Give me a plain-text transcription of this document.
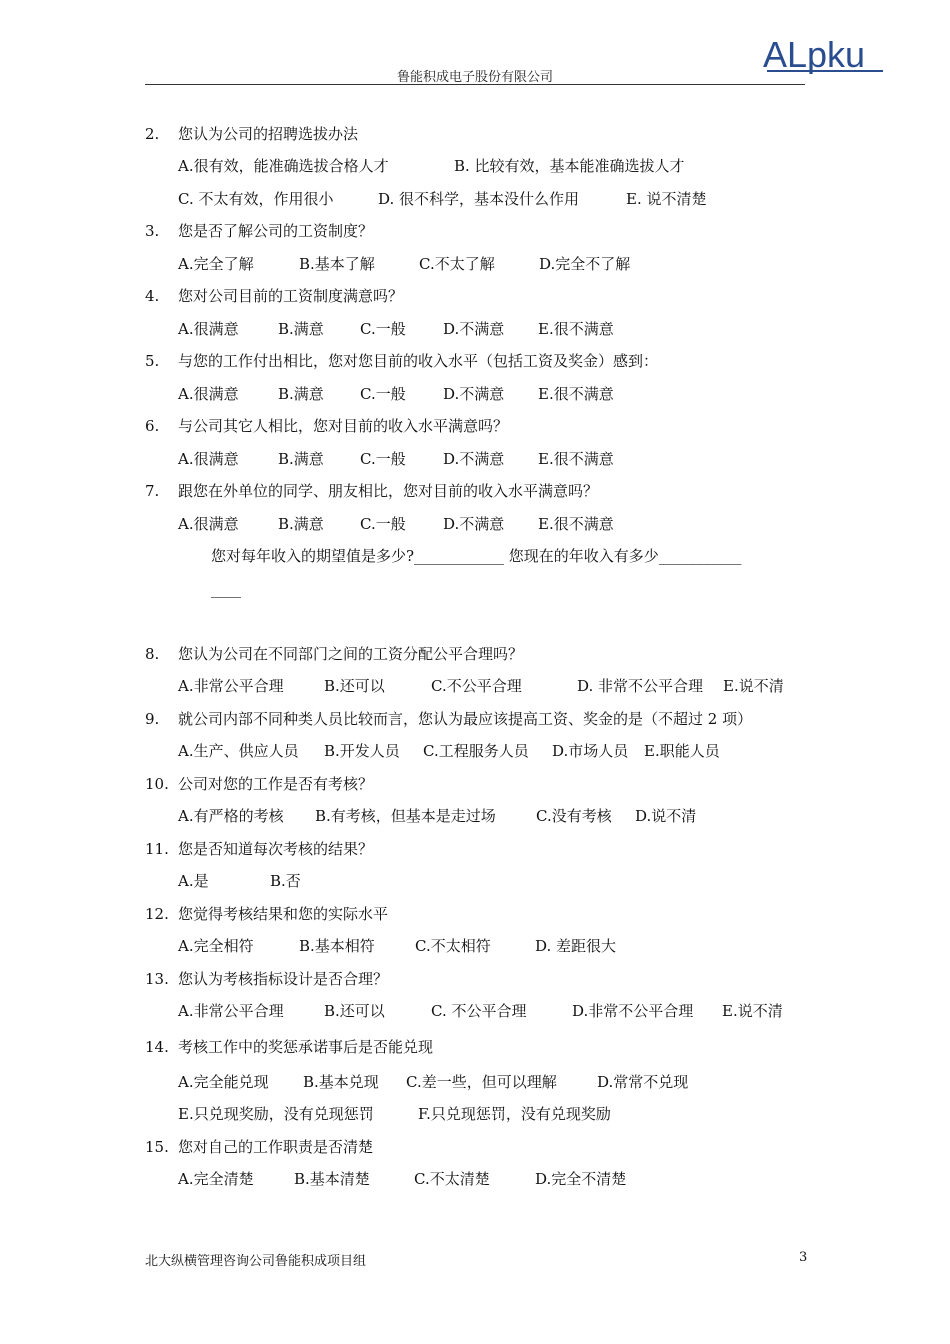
鲁能积成电子股份有限公司
ALpku
2. 您认为公司的招聘选拔办法
A.很有效，能准确选拔合格人才	B. 比较有效，基本能准确选拔人才
C. 不太有效，作用很小	D. 很不科学，基本没什么作用	E. 说不清楚
3. 您是否了解公司的工资制度？
A.完全了解	B.基本了解	C.不太了解	D.完全不了解
4. 您对公司目前的工资制度满意吗？
A.很满意	B.满意 C.一般 D.不满意 E.很不满意
5. 与您的工作付出相比，您对您目前的收入水平（包括工资及奖金）感到：
A.很满意	B.满意 C.一般 D.不满意 E.很不满意
6. 与公司其它人相比，您对目前的收入水平满意吗？
A.很满意	B.满意 C.一般 D.不满意 E.很不满意
7. 跟您在外单位的同学、朋友相比，您对目前的收入水平满意吗？
A.很满意	B.满意 C.一般 D.不满意 E.很不满意
您对每年收入的期望值是多少?____________ 您现在的年收入有多少___________
____
8. 您认为公司在不同部门之间的工资分配公平合理吗？
A.非常公平合理	B.还可以	C.不公平合理	D. 非常不公平合理 E.说不清
9. 就公司内部不同种类人员比较而言，您认为最应该提高工资、奖金的是（不超过 2 项）
A.生产、供应人员 B.开发人员 C.工程服务人员 D.市场人员 E.职能人员
10. 公司对您的工作是否有考核？
A.有严格的考核 B.有考核，但基本是走过场	C.没有考核 D.说不清
11. 您是否知道每次考核的结果？
A.是	B.否
12. 您觉得考核结果和您的实际水平
A.完全相符	B.基本相符	C.不太相符	D. 差距很大
13. 您认为考核指标设计是否合理？
A.非常公平合理	B.还可以	C. 不公平合理	D.非常不公平合理 E.说不清
14. 考核工作中的奖惩承诺事后是否能兑现
A.完全能兑现 B.基本兑现 C.差一些，但可以理解	D.常常不兑现
E.只兑现奖励，没有兑现惩罚	F.只兑现惩罚，没有兑现奖励
15. 您对自己的工作职责是否清楚
A.完全清楚	B.基本清楚	C.不太清楚	D.完全不清楚
北大纵横管理咨询公司鲁能积成项目组	3
